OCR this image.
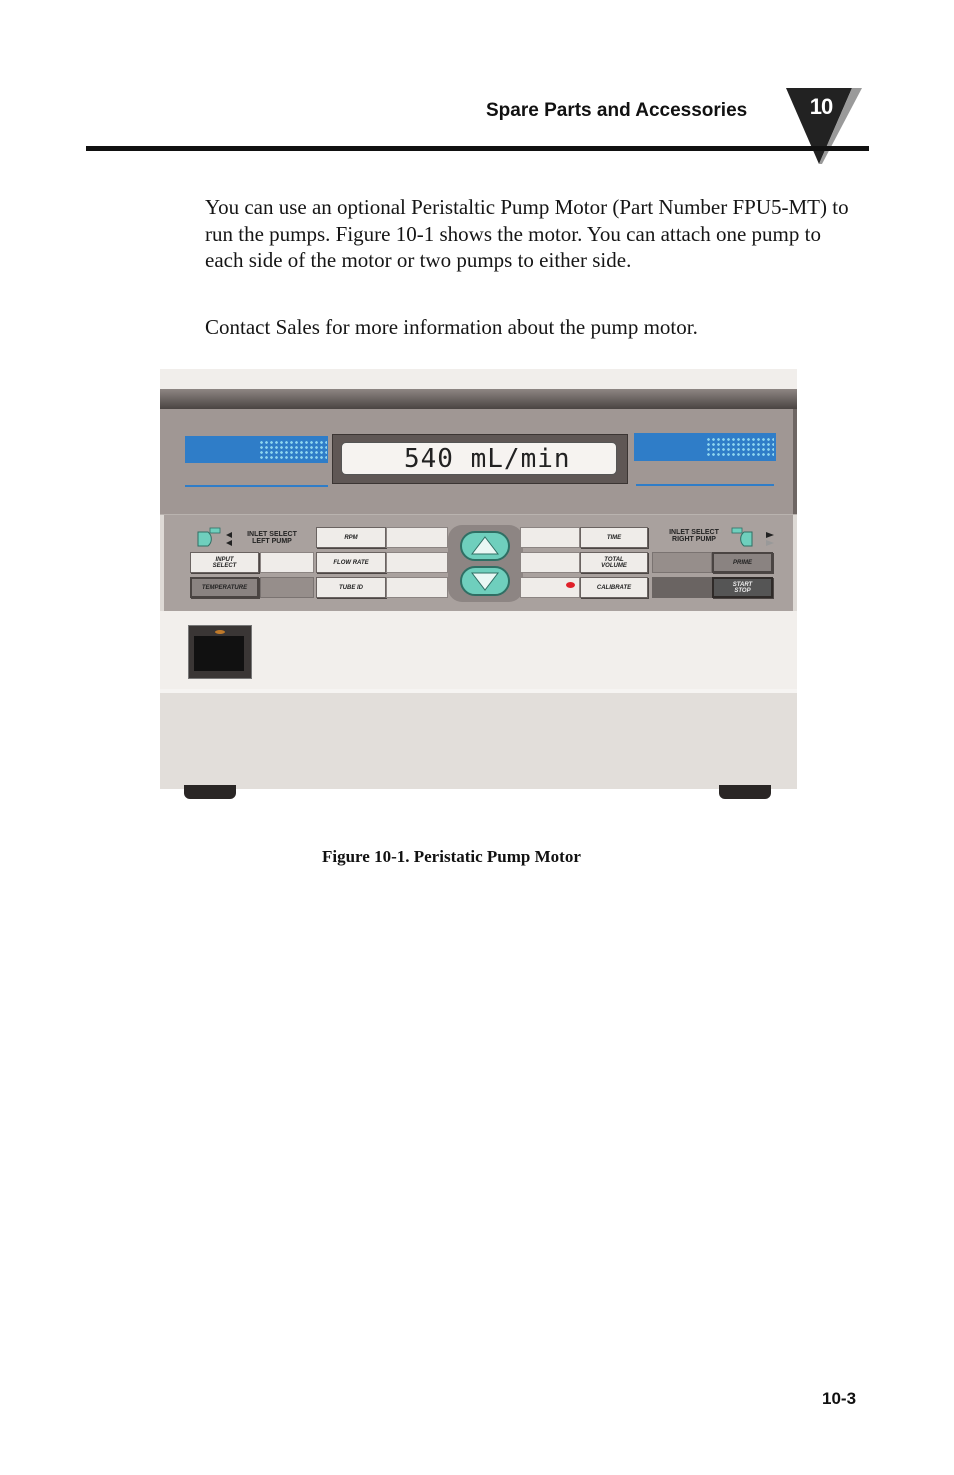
Spare Parts and Accessories	10

You can use an optional Peristaltic Pump Motor (Part Number FPU5-MT) to run the pumps. Figure 10-1 shows the motor. You can attach one pump to each side of the motor or two pumps to either side.

Contact Sales for more information about the pump motor.

540 mL/min
INLET SELECT
LEFT PUMP
INPUT
SELECT
TEMPERATURE
RPM
FLOW RATE
TUBE ID
TIME
TOTAL
VOLUME
CALIBRATE
INLET SELECT
RIGHT PUMP
PRIME
START
STOP
Figure 10-1. Peristatic Pump Motor
10-3
